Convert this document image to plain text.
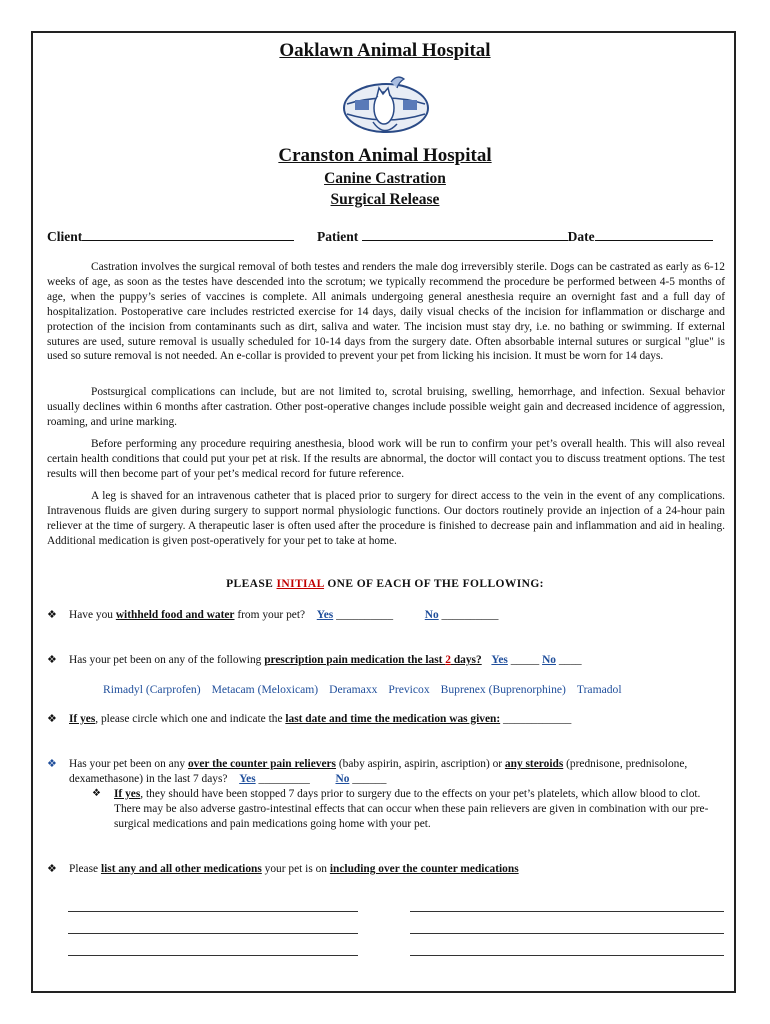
Oaklawn Animal Hospital
Cranston Animal Hospital
Canine Castration
Surgical Release
Client	Patient	Date

Castration involves the surgical removal of both testes and renders the male dog irreversibly sterile. Dogs can be castrated as early as 6-12 weeks of age, as soon as the testes have descended into the scrotum; we typically recommend the procedure be performed between 4-5 months of age, when the puppy’s series of vaccines is complete. All animals undergoing general anesthesia require an overnight fast and a full day of hospitalization. Postoperative care includes restricted exercise for 14 days, daily visual checks of the incision for inflammation or discharge and protection of the incision from contaminants such as dirt, saliva and water. The incision must stay dry, i.e. no bathing or swimming. If external sutures are used, suture removal is usually scheduled for 10-14 days from the surgery date. Often absorbable internal sutures or surgical "glue" is used so suture removal is not needed. An e-collar is provided to prevent your pet from licking his incision. It must be worn for 14 days.

Postsurgical complications can include, but are not limited to, scrotal bruising, swelling, hemorrhage, and infection. Sexual behavior usually declines within 6 months after castration. Other post-operative changes include possible weight gain and decreased incidence of aggression, roaming, and urine marking.

Before performing any procedure requiring anesthesia, blood work will be run to confirm your pet’s overall health. This will also reveal certain health conditions that could put your pet at risk. If the results are abnormal, the doctor will contact you to discuss treatment options. The test results will then become part of your pet’s medical record for future reference.

A leg is shaved for an intravenous catheter that is placed prior to surgery for direct access to the vein in the event of any complications. Intravenous fluids are given during surgery to support normal physiologic functions. Our doctors routinely provide an injection of a 24-hour pain reliever at the time of surgery. A therapeutic laser is often used after the procedure is finished to decrease pain and inflammation and aid in healing. Additional medication is given post-operatively for your pet to take at home.

PLEASE INITIAL ONE OF EACH OF THE FOLLOWING:
❖ Have you withheld food and water from your pet? Yes __________	No __________
❖ Has your pet been on any of the following prescription pain medication the last 2 days? Yes _____ No ____
Rimadyl (Carprofen) Metacam (Meloxicam) Deramaxx Previcox Buprenex (Buprenorphine) Tramadol
❖ If yes, please circle which one and indicate the last date and time the medication was given: ____________
❖ Has your pet been on any over the counter pain relievers (baby aspirin, aspirin, ascription) or any steroids (prednisone, prednisolone, dexamethasone) in the last 7 days? Yes _________ No ______
❖ If yes, they should have been stopped 7 days prior to surgery due to the effects on your pet’s platelets, which allow blood to clot. There may be also adverse gastro-intestinal effects that can occur when these pain relievers are given in combination with our pre-surgical medications and pain medications going home with your pet.
❖ Please list any and all other medications your pet is on including over the counter medications
